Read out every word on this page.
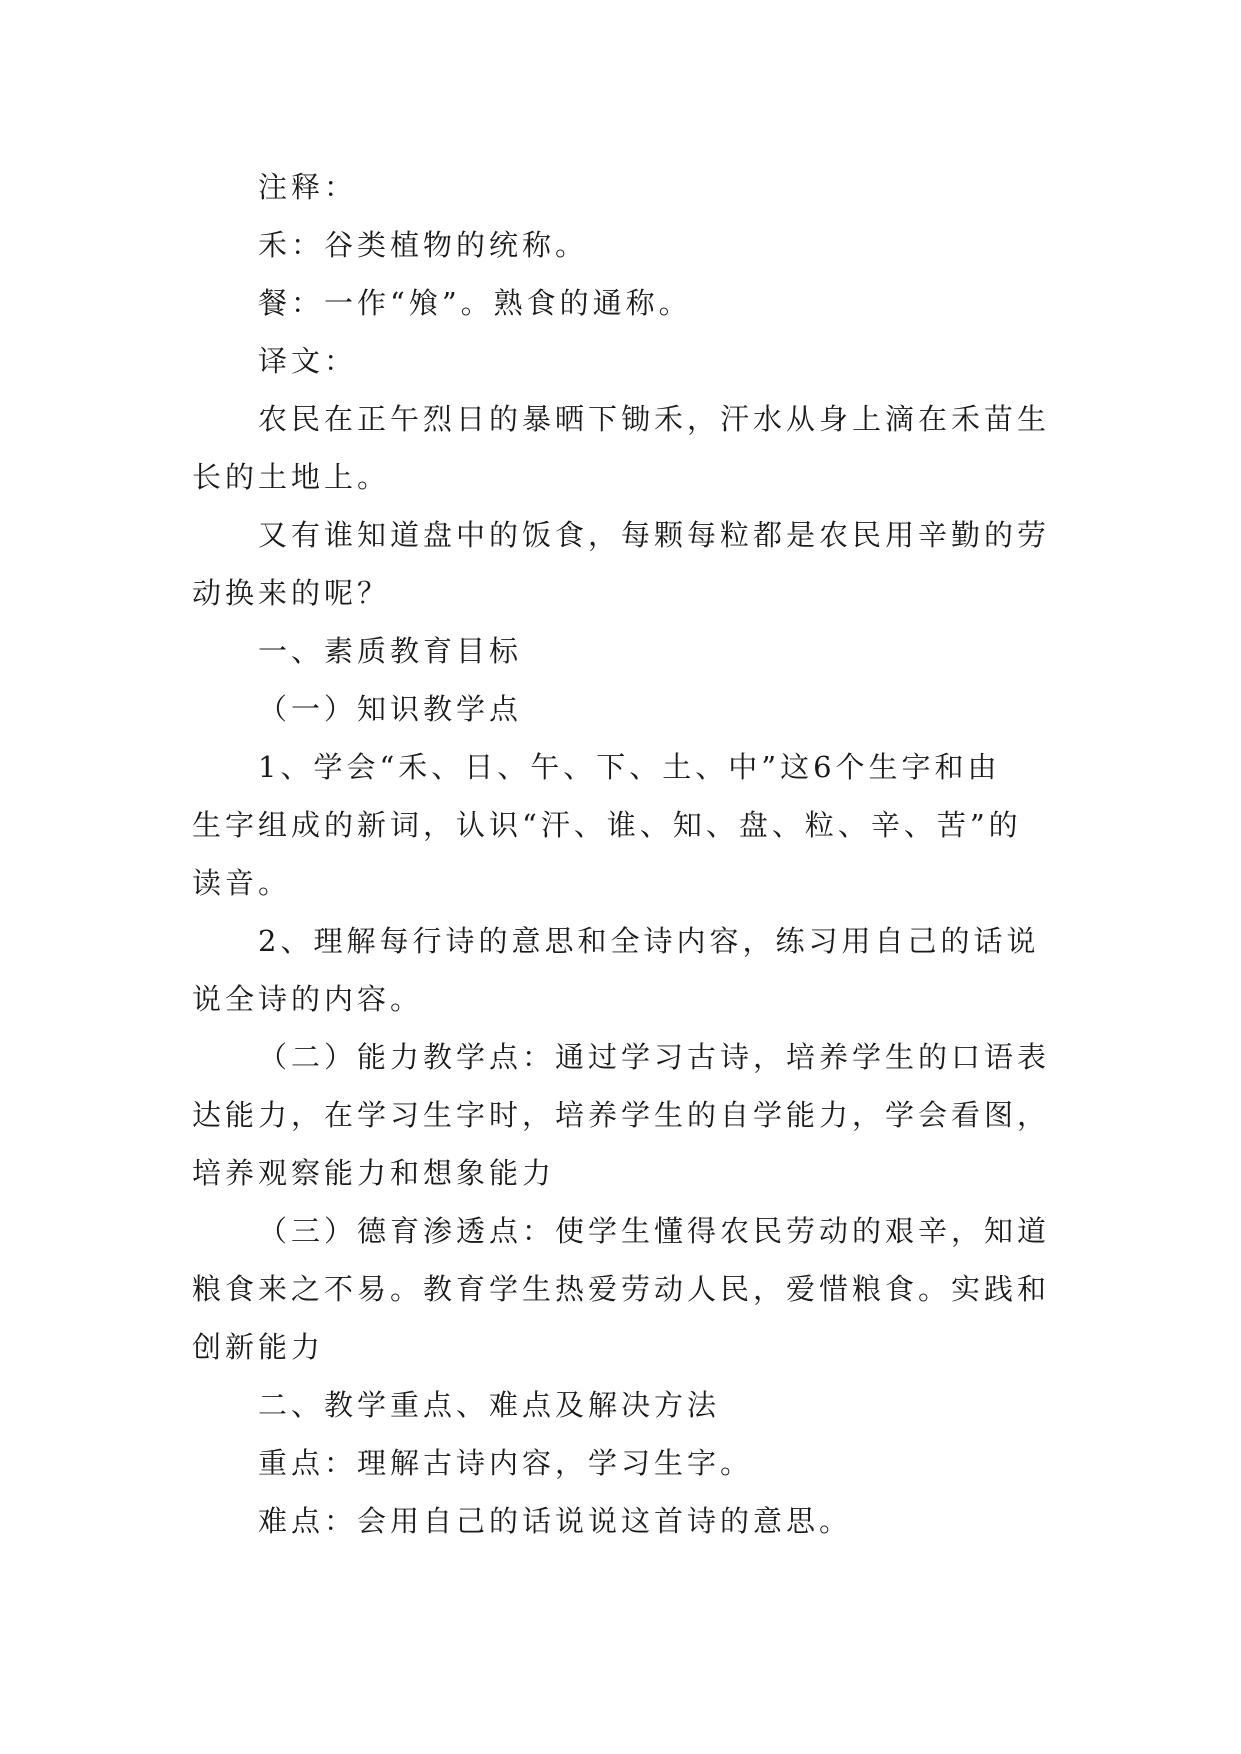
注释：
禾：谷类植物的统称。
餐：一作“飧”。熟食的通称。
译文：
农民在正午烈日的暴晒下锄禾，汗水从身上滴在禾苗生
长的土地上。
又有谁知道盘中的饭食，每颗每粒都是农民用辛勤的劳
动换来的呢？
一、素质教育目标
（一）知识教学点
1、学会“禾、日、午、下、土、中”这6个生字和由
生字组成的新词，认识“汗、谁、知、盘、粒、辛、苦”的
读音。
2、理解每行诗的意思和全诗内容，练习用自己的话说
说全诗的内容。
（二）能力教学点：通过学习古诗，培养学生的口语表
达能力，在学习生字时，培养学生的自学能力，学会看图，
培养观察能力和想象能力
（三）德育渗透点：使学生懂得农民劳动的艰辛，知道
粮食来之不易。教育学生热爱劳动人民，爱惜粮食。实践和
创新能力
二、教学重点、难点及解决方法
重点：理解古诗内容，学习生字。
难点：会用自己的话说说这首诗的意思。
